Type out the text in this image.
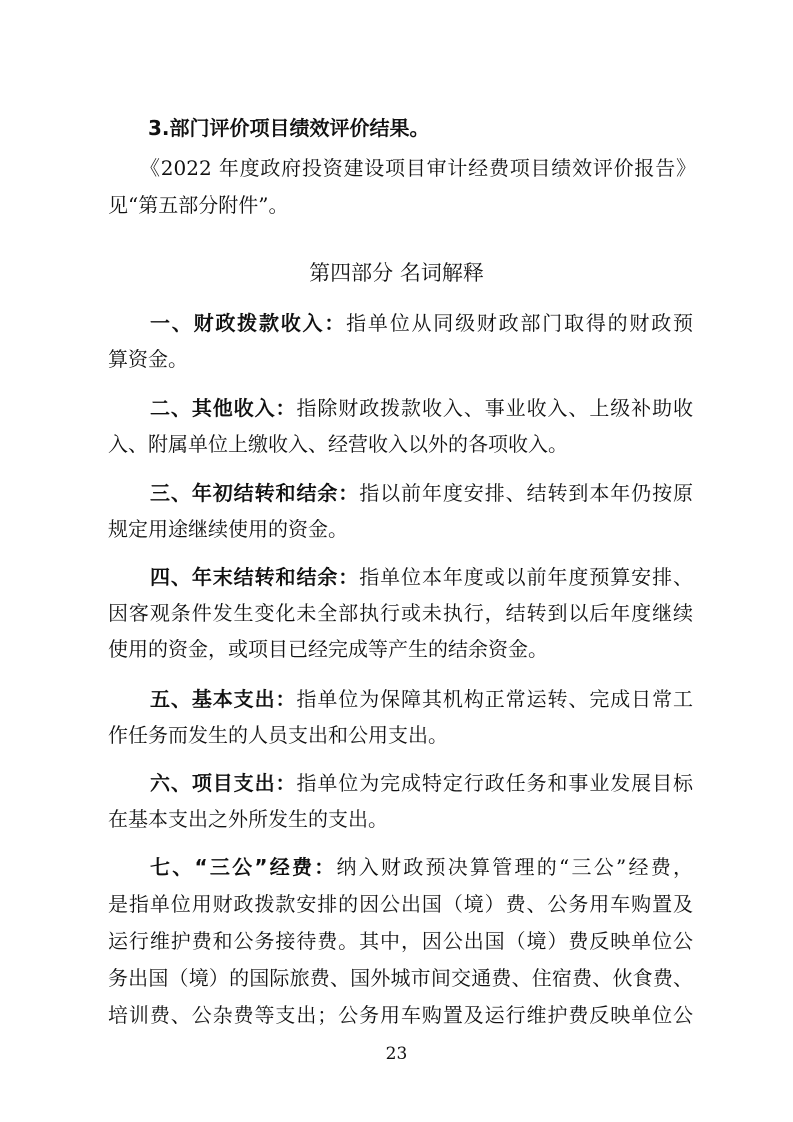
3.部门评价项目绩效评价结果。
《2022 年度政府投资建设项目审计经费项目绩效评价报告》
见“第五部分附件”。
第四部分 名词解释
一、财政拨款收入：指单位从同级财政部门取得的财政预
算资金。
二、其他收入：指除财政拨款收入、事业收入、上级补助收
入、附属单位上缴收入、经营收入以外的各项收入。
三、年初结转和结余：指以前年度安排、结转到本年仍按原
规定用途继续使用的资金。
四、年末结转和结余：指单位本年度或以前年度预算安排、
因客观条件发生变化未全部执行或未执行，结转到以后年度继续
使用的资金，或项目已经完成等产生的结余资金。
五、基本支出：指单位为保障其机构正常运转、完成日常工
作任务而发生的人员支出和公用支出。
六、项目支出：指单位为完成特定行政任务和事业发展目标
在基本支出之外所发生的支出。
七、“三公”经费：纳入财政预决算管理的“三公”经费，
是指单位用财政拨款安排的因公出国（境）费、公务用车购置及
运行维护费和公务接待费。其中，因公出国（境）费反映单位公
务出国（境）的国际旅费、国外城市间交通费、住宿费、伙食费、
培训费、公杂费等支出；公务用车购置及运行维护费反映单位公
23
